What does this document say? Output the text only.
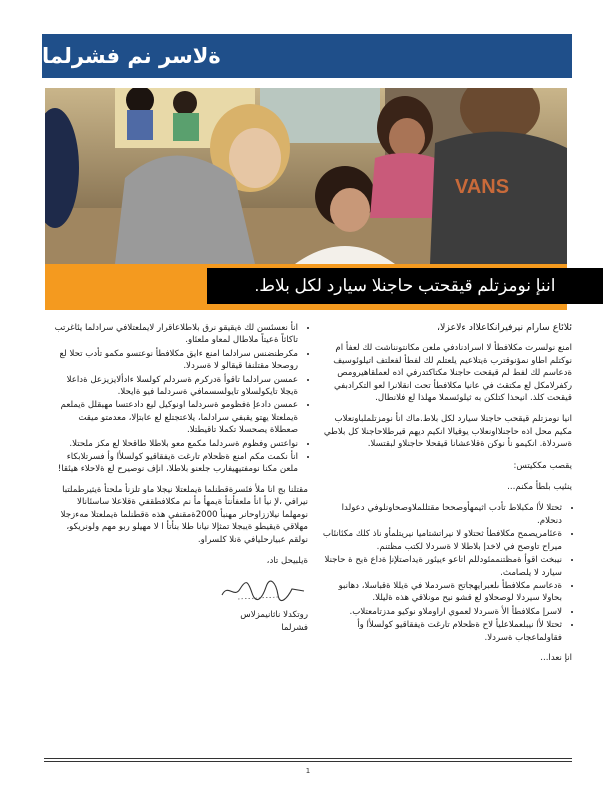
ةلاسر نم فشرلما
VANS
اننإ نومزتلم قيقحتب حاجنلا سيارد لكل بلاط.

ئلائاع سارام نيرفيرانكاعلااد ءلاعزلا،

امنع نولسرت مكلافطأ لا اسرادنادفي ملعن مكانتونناشت لك لعفأ ام نوكتلم اطاو نمؤنوقترب ةيتلاعيم يلعتلم لك لفطأ لفعلتف اتيلوئوسيف ةدعاسم لك لفط لم قيقحت حاجنلا مكتاكتدرفي اذه لعملقاهيرومص ركفرلامكل لع مكتقث في عانيا مكلافطأ تحت انقلانرا لعو التكرادبفي قيقحت كلذ. انيحذا كتلكن به ثيلوئسملا مهلذا لع فلانطال.

انيا نومزتلم قيقحب حاجنلا سيارد لكل بلاط.ماك انأ نومزتلملباونعلاب مكيم محل اذه حاجنلااونعلاب يوقيالا انكيم ديهم قيرطلاحاجنلا كل بلاطي ةسردلاة. انكيمو نأ نوكن ةقلاعشانا قيقحلا حاجنلاو لبقتسلا.

يقصب مككيتس:

ينئيب بلطأ مكنم...

• ثحتلا لأا مكبلاط تأدب اثيمهأوصححا مقتللملاوصحاونلوفي دعولدا دنحلام.
• ةعئامريصمح مكلافطأ ثحتلاو لا نيراتشتاميا نيريتلمأو ناذ كلك مكئانئاب ميراح تاوصح في لاخدإ بلاطلا لا ةسردلا لكتب مظتنم.
• نيبخت اقوأ ةمظتنممئودللم اتاعو ءييئور ةيداصتلإنإ ةداع ةيح ة حاجنلا سيارد لا يلصامث.
• ةدعاسم مكلافطأ ىلعبرايهجاتح ةسردملا في ةيللا ةقباسلا، دهانبو بحاولا سيردلا لوصحلاو لع قشو نيح مونلاقي هذه ةليللا.
• لاسرإ مكلافطأ الأ ةسردلا لعموي اراوملاو نوكيو مدزتامعتلاب.
• ثحتلا لأا نيبلعملاعليأ لاح ةظحلام تارغت ةيفقاقيو كولسلأا وأ فقاولماعجاب ةسردلا.

انإ نعدا...

• انأ نعسئسن لك ةيقيقو نرق بلاطلاعاقرار لايملعتلافي سرادلما يئاغرتب تاكاثاً ةعيتاً ملاطال لمعاو ملعئاو.
• مكرطنضنس سرادلما امنع ءايق مكلافطأ نوعتسو مكمو تأدب تحلا لع روصحلا مقتلنفا قيقالو لا ةسردلا.
• عمسن سرادلما تاقوأ ةدركرم ةسردلم كولسلا ءادألايزيزعل ةداعلا ةيجلا تايكولسلاو تايولسسمافي ةسردلما فيو ةايحلا.
• عمسن دادعإ ةفظومو ةسردلما اونوكيل ليع دادعتسا مهبقلل ةيملعم ةيملعتلا يهتو يقبفي سرادلما، يلاعتجتلع لع عابتإلا، معدمتو ميقت صعطلاة يصحسلا تكملا تاقيطتلا.
• نواعتس وفظوم ةسردلما مكمع معو بلاطلا طاقحلا لع مكز ملحتلا.
• انأ نكمت مكم امنع ةظحلام تارغت ةيفقاقيو كولسلأا وأ فسرتلابكاء ملعن مكنا نومفتيهيفارب جلعنو بلاطلا، انإف نوصيرح لع ةلاحلاء هيئقا!

مقتلنا بج انا ملأ فئسرةقطنلما ةيملعتلا نيجلا ماو تلزنأ ملحتأ ةيثيرطملتبا نيرافي ،لإ نيأ انأ ملعفأنتأ ةيمهأ مأ نم مكلافطقفي ةقلاعلا ساسئانالا نومهلما نيلاززاوحانر مهنبأ 2000ةمقنفي هذه ةقطنلما ةيملعتلا مهءزجلا مهلاقي ةيقيطو ةيبجلا تمثإلا نيانا طلا بنأتأ ا لا مهيلو ربو مهم ولونريكو، نولقم عبيارحليافي ةنلا كلسراو.

ةيلبيحل تاد،

روتكدلا ناثانيمزلاس

فشرلما

1
